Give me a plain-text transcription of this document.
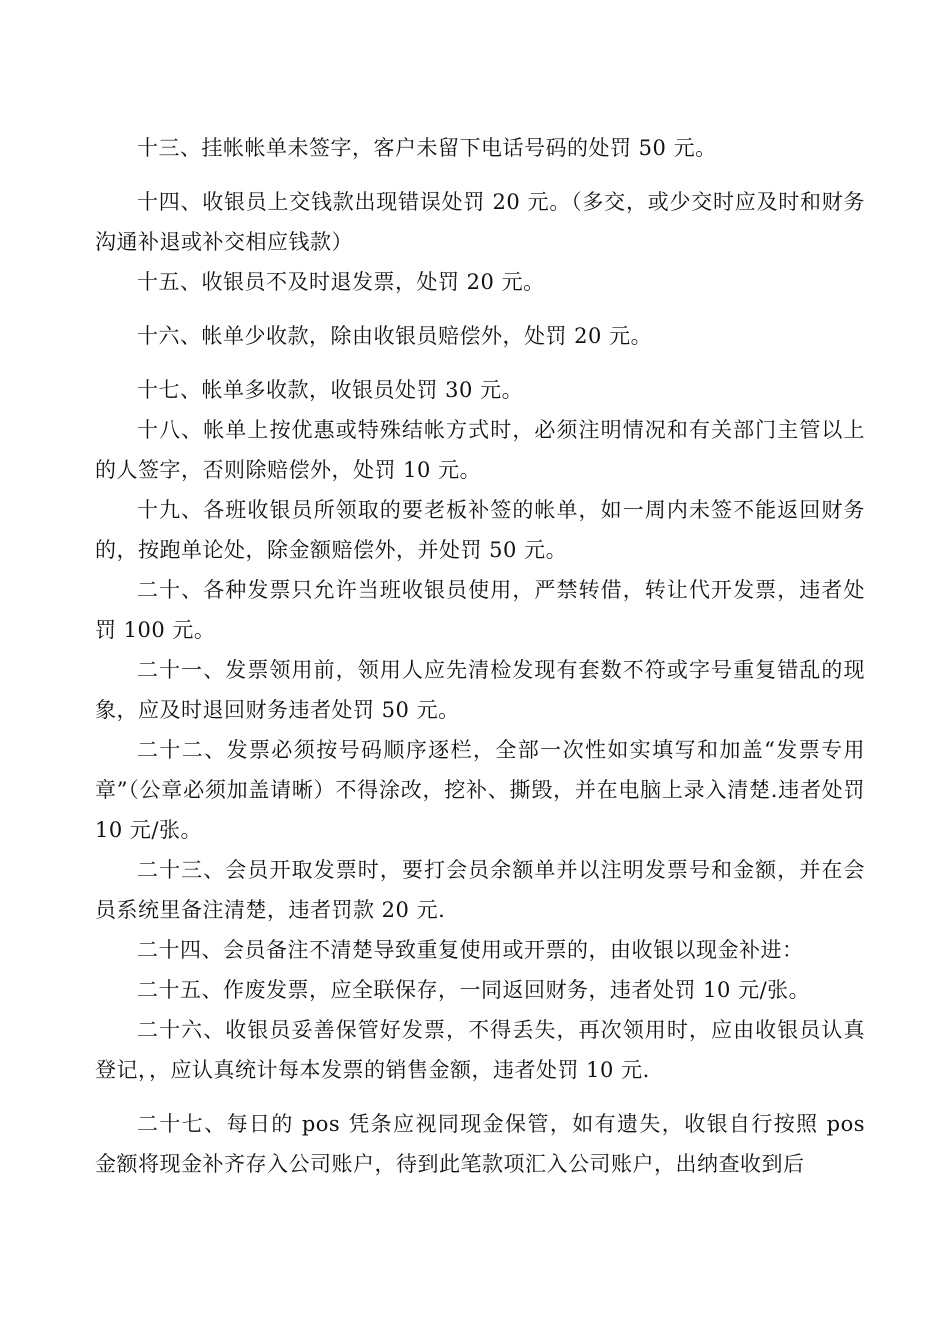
十三、挂帐帐单未签字，客户未留下电话号码的处罚 50 元。

十四、收银员上交钱款出现错误处罚 20 元。（多交，或少交时应及时和财务沟通补退或补交相应钱款）

十五、收银员不及时退发票，处罚 20 元。

十六、帐单少收款，除由收银员赔偿外，处罚 20 元。

十七、帐单多收款，收银员处罚 30 元。

十八、帐单上按优惠或特殊结帐方式时，必须注明情况和有关部门主管以上的人签字，否则除赔偿外，处罚 10 元。

十九、各班收银员所领取的要老板补签的帐单，如一周内未签不能返回财务的，按跑单论处，除金额赔偿外，并处罚 50 元。

二十、各种发票只允许当班收银员使用，严禁转借，转让代开发票，违者处罚 100 元。

二十一、发票领用前，领用人应先清检发现有套数不符或字号重复错乱的现象，应及时退回财务违者处罚 50 元。

二十二、发票必须按号码顺序逐栏，全部一次性如实填写和加盖“发票专用章”（公章必须加盖请晰）不得涂改，挖补、撕毁，并在电脑上录入清楚.违者处罚 10 元/张。

二十三、会员开取发票时，要打会员余额单并以注明发票号和金额，并在会员系统里备注清楚，违者罚款 20 元.

二十四、会员备注不清楚导致重复使用或开票的，由收银以现金补进：

二十五、作废发票，应全联保存，一同返回财务，违者处罚 10 元/张。

二十六、收银员妥善保管好发票，不得丢失，再次领用时，应由收银员认真登记，，应认真统计每本发票的销售金额，违者处罚 10 元.

二十七、每日的 pos 凭条应视同现金保管，如有遗失，收银自行按照 pos 金额将现金补齐存入公司账户，待到此笔款项汇入公司账户，出纳查收到后
